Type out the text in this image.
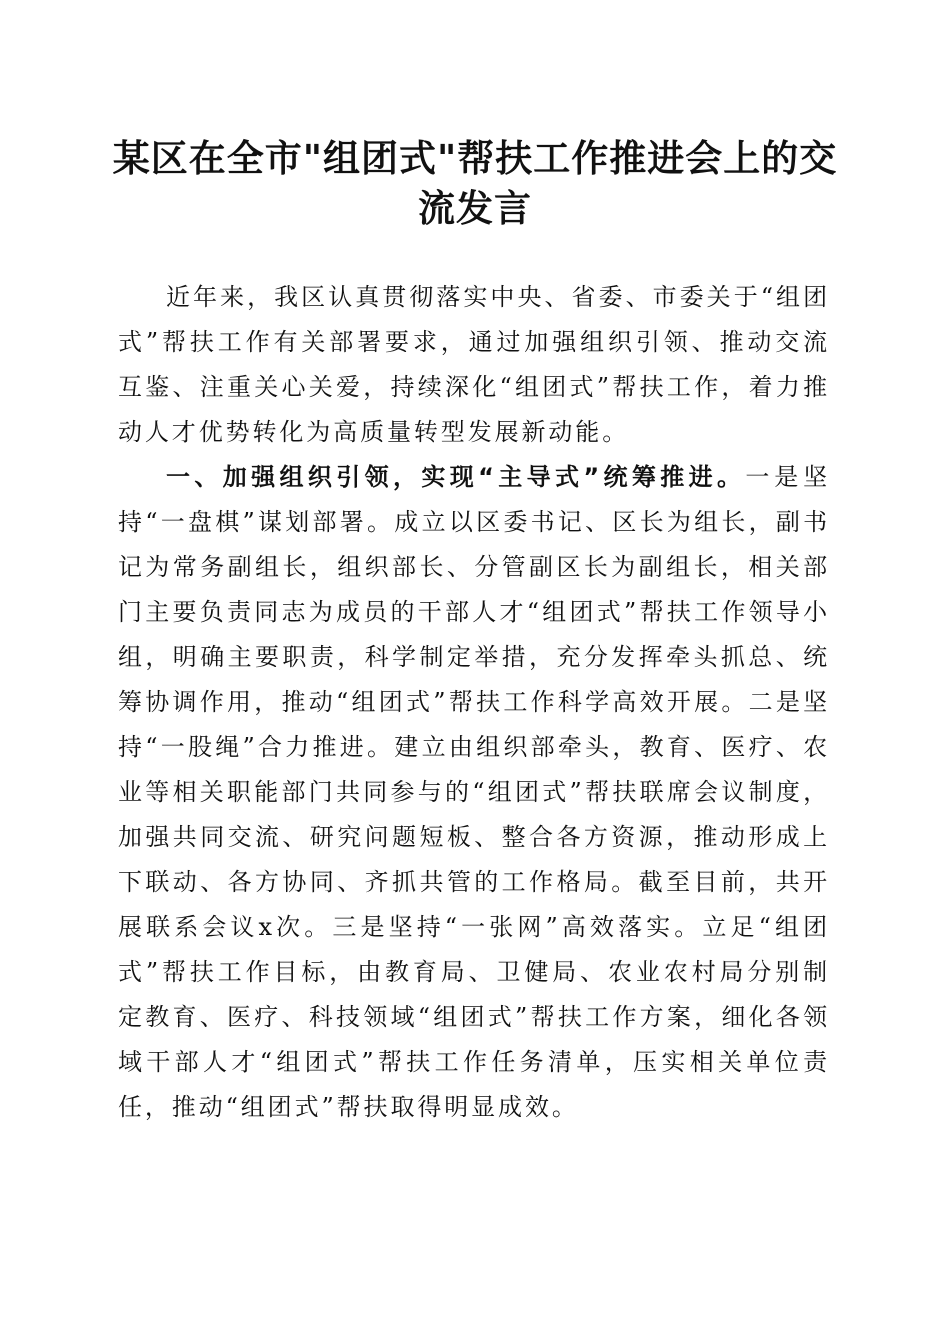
某区在全市"组团式"帮扶工作推进会上的交流发言

近年来，我区认真贯彻落实中央、省委、市委关于“组团式”帮扶工作有关部署要求，通过加强组织引领、推动交流互鉴、注重关心关爱，持续深化“组团式”帮扶工作，着力推动人才优势转化为高质量转型发展新动能。

一、加强组织引领，实现“主导式”统筹推进。一是坚持“一盘棋”谋划部署。成立以区委书记、区长为组长，副书记为常务副组长，组织部长、分管副区长为副组长，相关部门主要负责同志为成员的干部人才“组团式”帮扶工作领导小组，明确主要职责，科学制定举措，充分发挥牵头抓总、统筹协调作用，推动“组团式”帮扶工作科学高效开展。二是坚持“一股绳”合力推进。建立由组织部牵头，教育、医疗、农业等相关职能部门共同参与的“组团式”帮扶联席会议制度，加强共同交流、研究问题短板、整合各方资源，推动形成上下联动、各方协同、齐抓共管的工作格局。截至目前，共开展联系会议x次。三是坚持“一张网”高效落实。立足“组团式”帮扶工作目标，由教育局、卫健局、农业农村局分别制定教育、医疗、科技领域“组团式”帮扶工作方案，细化各领域干部人才“组团式”帮扶工作任务清单，压实相关单位责任，推动“组团式”帮扶取得明显成效。
